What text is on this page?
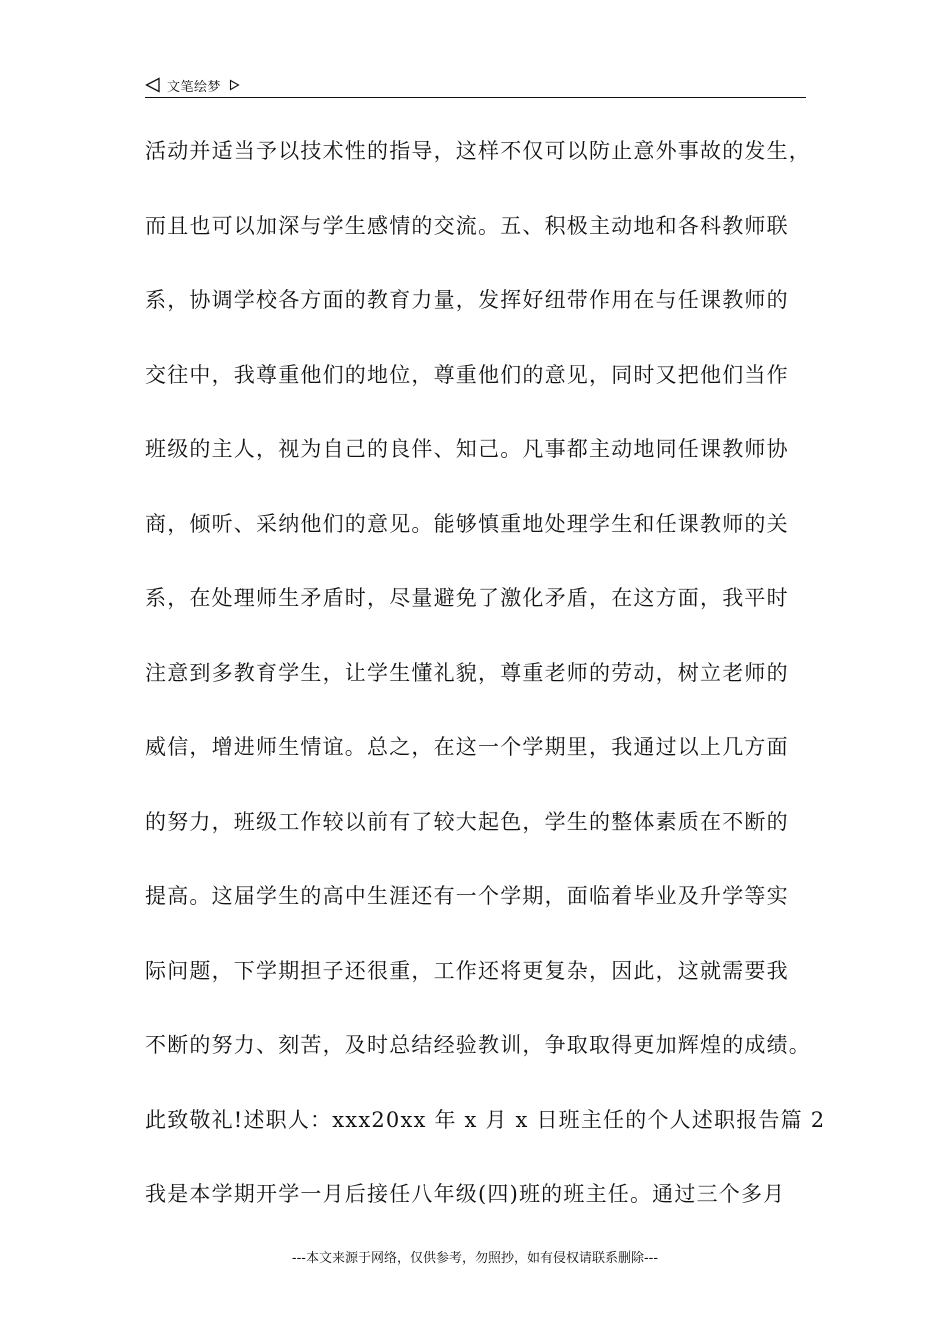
文笔绘梦
活动并适当予以技术性的指导，这样不仅可以防止意外事故的发生，
而且也可以加深与学生感情的交流。五、积极主动地和各科教师联
系，协调学校各方面的教育力量，发挥好纽带作用在与任课教师的
交往中，我尊重他们的地位，尊重他们的意见，同时又把他们当作
班级的主人，视为自己的良伴、知己。凡事都主动地同任课教师协
商，倾听、采纳他们的意见。能够慎重地处理学生和任课教师的关
系，在处理师生矛盾时，尽量避免了激化矛盾，在这方面，我平时
注意到多教育学生，让学生懂礼貌，尊重老师的劳动，树立老师的
威信，增进师生情谊。总之，在这一个学期里，我通过以上几方面
的努力，班级工作较以前有了较大起色，学生的整体素质在不断的
提高。这届学生的高中生涯还有一个学期，面临着毕业及升学等实
际问题，下学期担子还很重，工作还将更复杂，因此，这就需要我
不断的努力、刻苦，及时总结经验教训，争取取得更加辉煌的成绩。
此致敬礼!述职人：xxx20xx 年 x 月 x 日班主任的个人述职报告篇 2
我是本学期开学一月后接任八年级(四)班的班主任。通过三个多月
---本文来源于网络，仅供参考，勿照抄，如有侵权请联系删除---
